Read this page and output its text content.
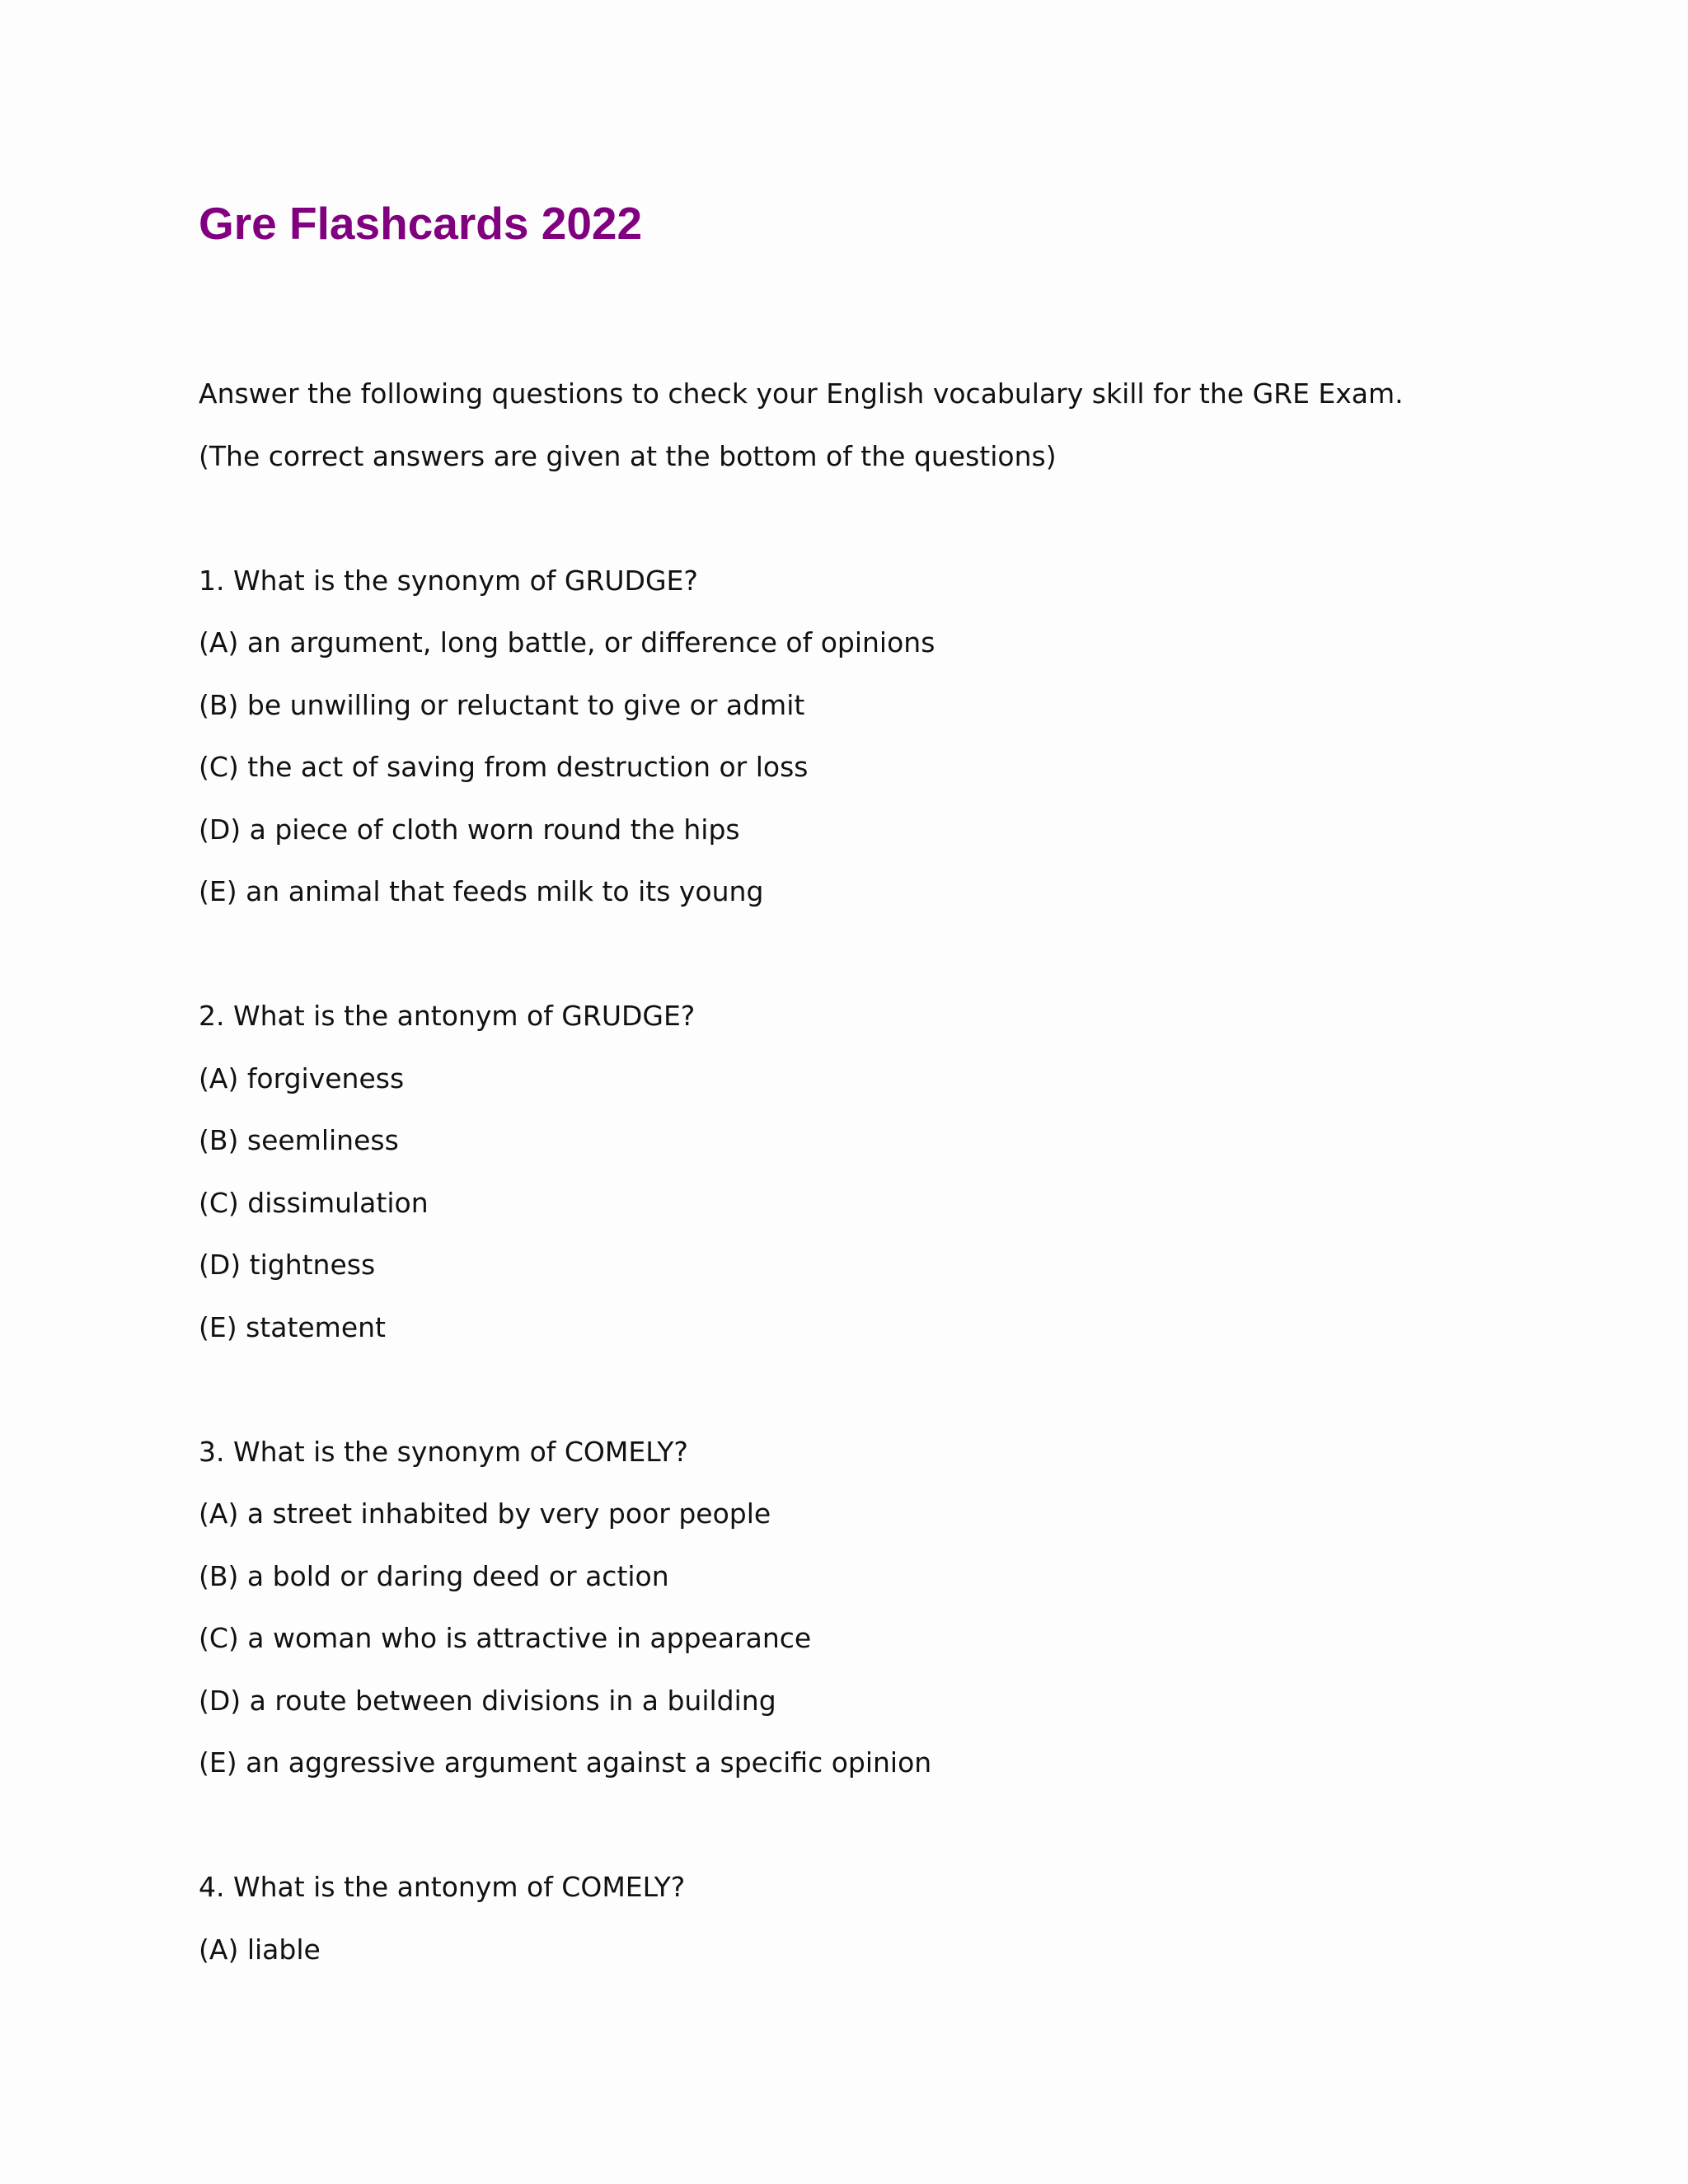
Gre Flashcards 2022

Answer the following questions to check your English vocabulary skill for the GRE Exam.

(The correct answers are given at the bottom of the questions)

1. What is the synonym of GRUDGE?

(A) an argument, long battle, or difference of opinions

(B) be unwilling or reluctant to give or admit

(C) the act of saving from destruction or loss

(D) a piece of cloth worn round the hips

(E) an animal that feeds milk to its young

2. What is the antonym of GRUDGE?

(A) forgiveness

(B) seemliness

(C) dissimulation

(D) tightness

(E) statement

3. What is the synonym of COMELY?

(A) a street inhabited by very poor people

(B) a bold or daring deed or action

(C) a woman who is attractive in appearance

(D) a route between divisions in a building

(E) an aggressive argument against a specific opinion

4. What is the antonym of COMELY?

(A) liable
